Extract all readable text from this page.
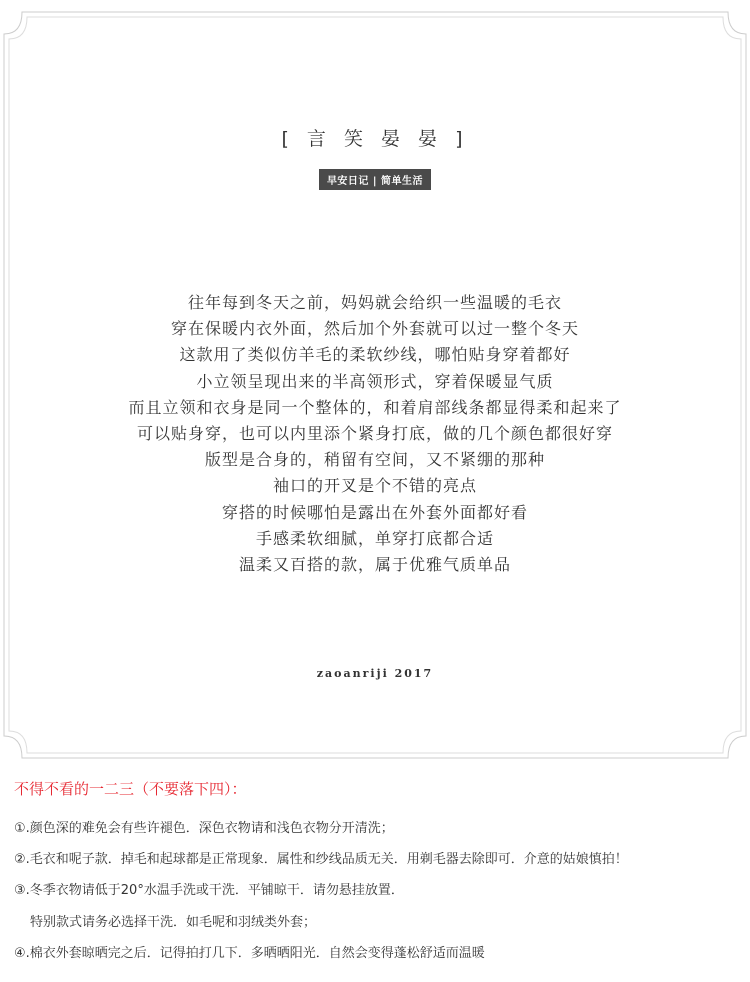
[ 言 笑 晏 晏 ]
早安日记 | 简单生活
往年每到冬天之前，妈妈就会给织一些温暖的毛衣
穿在保暖内衣外面，然后加个外套就可以过一整个冬天
这款用了类似仿羊毛的柔软纱线，哪怕贴身穿着都好
小立领呈现出来的半高领形式，穿着保暖显气质
而且立领和衣身是同一个整体的，和着肩部线条都显得柔和起来了
可以贴身穿，也可以内里添个紧身打底，做的几个颜色都很好穿
版型是合身的，稍留有空间，又不紧绷的那种
袖口的开叉是个不错的亮点
穿搭的时候哪怕是露出在外套外面都好看
手感柔软细腻，单穿打底都合适
温柔又百搭的款，属于优雅气质单品
zaoanriji 2017
不得不看的一二三（不要落下四）：
①.颜色深的难免会有些许褪色．深色衣物请和浅色衣物分开清洗；
②.毛衣和呢子款．掉毛和起球都是正常现象．属性和纱线品质无关．用剃毛器去除即可．介意的姑娘慎拍！
③.冬季衣物请低于20°水温手洗或干洗．平铺晾干．请勿悬挂放置．
特别款式请务必选择干洗．如毛呢和羽绒类外套；
④.棉衣外套晾晒完之后．记得拍打几下．多晒晒阳光．自然会变得蓬松舒适而温暖
